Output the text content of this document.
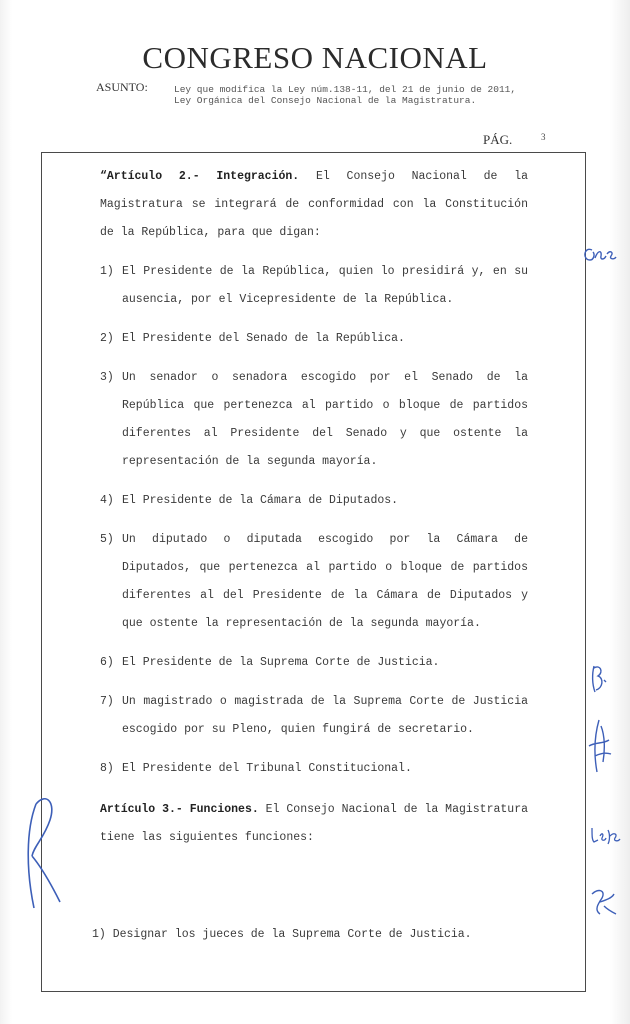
CONGRESO NACIONAL
ASUNTO:	Ley que modifica la Ley núm.138-11, del 21 de junio de 2011,
Ley Orgánica del Consejo Nacional de la Magistratura.
PÁG.	3

“Artículo 2.- Integración. El Consejo Nacional de la Magistratura se integrará de conformidad con la Constitución de la República, para que digan:

1) El Presidente de la República, quien lo presidirá y, en su ausencia, por el Vicepresidente de la República.
2) El Presidente del Senado de la República.
3) Un senador o senadora escogido por el Senado de la República que pertenezca al partido o bloque de partidos diferentes al Presidente del Senado y que ostente la representación de la segunda mayoría.
4) El Presidente de la Cámara de Diputados.
5) Un diputado o diputada escogido por la Cámara de Diputados, que pertenezca al partido o bloque de partidos diferentes al del Presidente de la Cámara de Diputados y que ostente la representación de la segunda mayoría.
6) El Presidente de la Suprema Corte de Justicia.
7) Un magistrado o magistrada de la Suprema Corte de Justicia escogido por su Pleno, quien fungirá de secretario.
8) El Presidente del Tribunal Constitucional.

Artículo 3.- Funciones. El Consejo Nacional de la Magistratura tiene las siguientes funciones:

1) Designar los jueces de la Suprema Corte de Justicia.
